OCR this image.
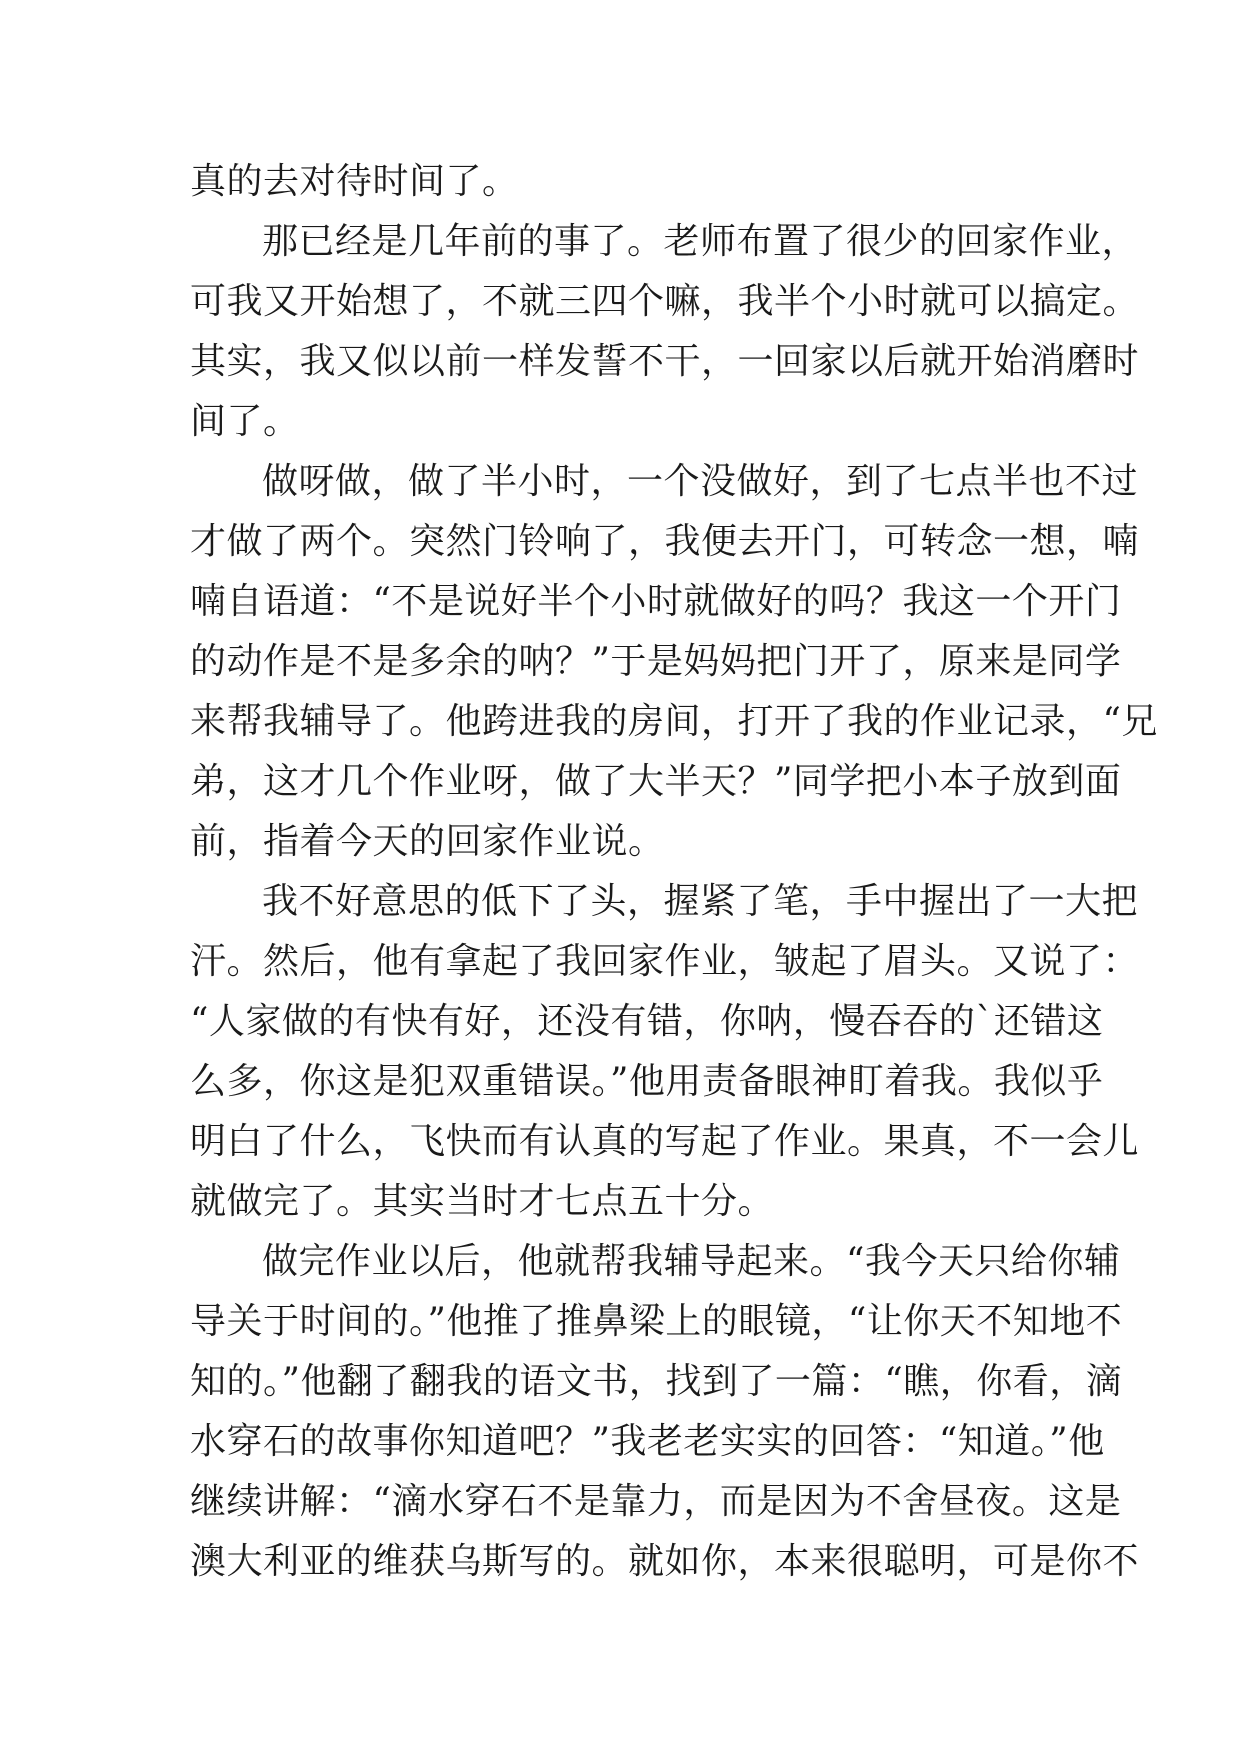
真的去对待时间了。
那已经是几年前的事了。老师布置了很少的回家作业，
可我又开始想了，不就三四个嘛，我半个小时就可以搞定。
其实，我又似以前一样发誓不干，一回家以后就开始消磨时
间了。
做呀做，做了半小时，一个没做好，到了七点半也不过
才做了两个。突然门铃响了，我便去开门，可转念一想，喃
喃自语道：“不是说好半个小时就做好的吗？我这一个开门
的动作是不是多余的呐？”于是妈妈把门开了，原来是同学
来帮我辅导了。他跨进我的房间，打开了我的作业记录，“兄
弟，这才几个作业呀，做了大半天？”同学把小本子放到面
前，指着今天的回家作业说。
我不好意思的低下了头，握紧了笔，手中握出了一大把
汗。然后，他有拿起了我回家作业，皱起了眉头。又说了：
“人家做的有快有好，还没有错，你呐，慢吞吞的`还错这
么多，你这是犯双重错误。”他用责备眼神盯着我。我似乎
明白了什么，飞快而有认真的写起了作业。果真，不一会儿
就做完了。其实当时才七点五十分。
做完作业以后，他就帮我辅导起来。“我今天只给你辅
导关于时间的。”他推了推鼻梁上的眼镜，“让你天不知地不
知的。”他翻了翻我的语文书，找到了一篇：“瞧，你看，滴
水穿石的故事你知道吧？”我老老实实的回答：“知道。”他
继续讲解：“滴水穿石不是靠力，而是因为不舍昼夜。这是
澳大利亚的维获乌斯写的。就如你，本来很聪明，可是你不
